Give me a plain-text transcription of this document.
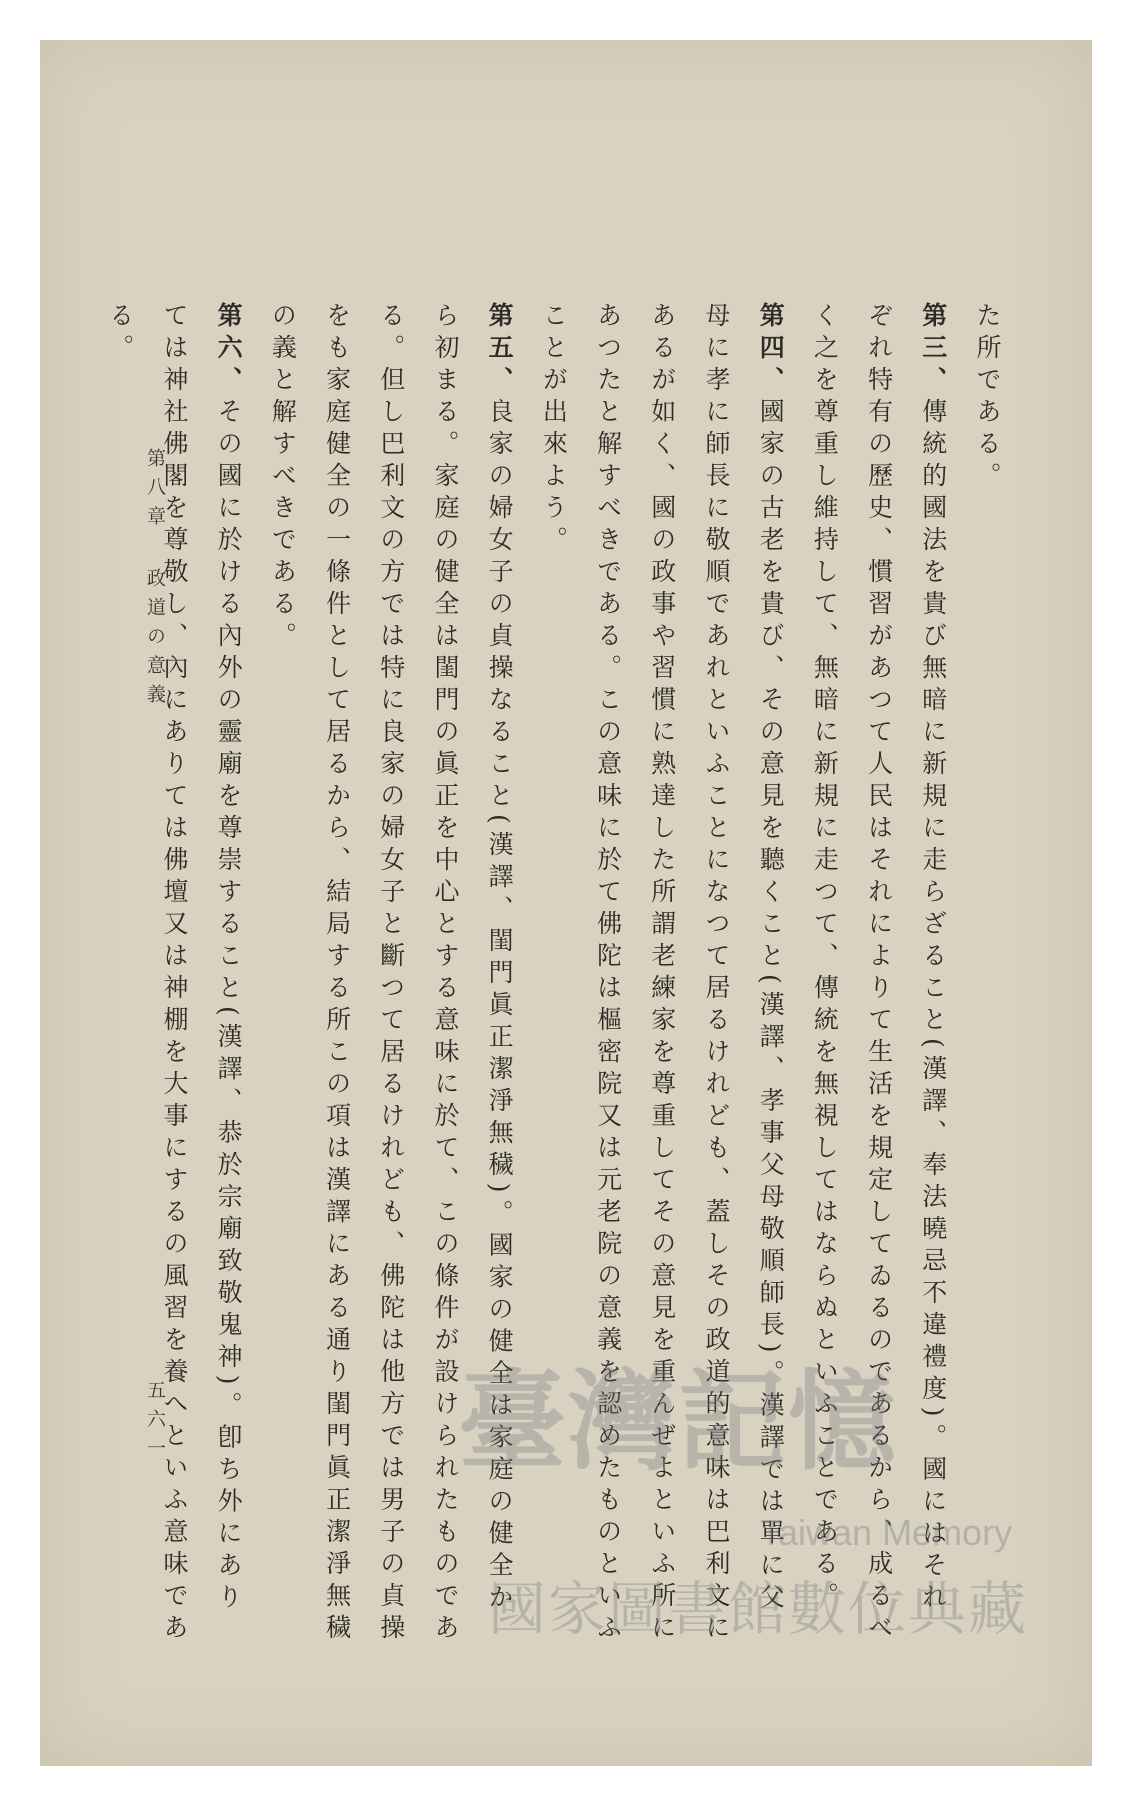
た所である。

第三、傳統的國法を貴び無暗に新規に走らざること(漢譯、奉法曉忌不違禮度)。國にはそれぞれ特有の歷史、慣習があつて人民はそれによりて生活を規定してゐるのであるから、成るべく之を尊重し維持して、無暗に新規に走つて、傳統を無視してはならぬといふことである。

第四、國家の古老を貴び、その意見を聽くこと(漢譯、孝事父母敬順師長)。漢譯では單に父母に孝に師長に敬順であれといふことになつて居るけれども、蓋しその政道的意味は巴利文にあるが如く、國の政事や習慣に熟達した所謂老練家を尊重してその意見を重んぜよといふ所にあつたと解すべきである。この意味に於て佛陀は樞密院又は元老院の意義を認めたものといふことが出來よう。

第五、良家の婦女子の貞操なること(漢譯、閨門眞正潔淨無穢)。國家の健全は家庭の健全から初まる。家庭の健全は閨門の眞正を中心とする意味に於て、この條件が設けられたものである。但し巴利文の方では特に良家の婦女子と斷つて居るけれども、佛陀は他方では男子の貞操をも家庭健全の一條件として居るから、結局する所この項は漢譯にある通り閨門眞正潔淨無穢の義と解すべきである。

第六、その國に於ける內外の靈廟を尊崇すること(漢譯、恭於宗廟致敬鬼神)。卽ち外にありては神社佛閣を尊敬し、內にありては佛壇又は神棚を大事にするの風習を養へといふ意味である。

第八章
政道の意義
五六一	臺灣記憶
Taiwan Memory
國家圖書館數位典藏
